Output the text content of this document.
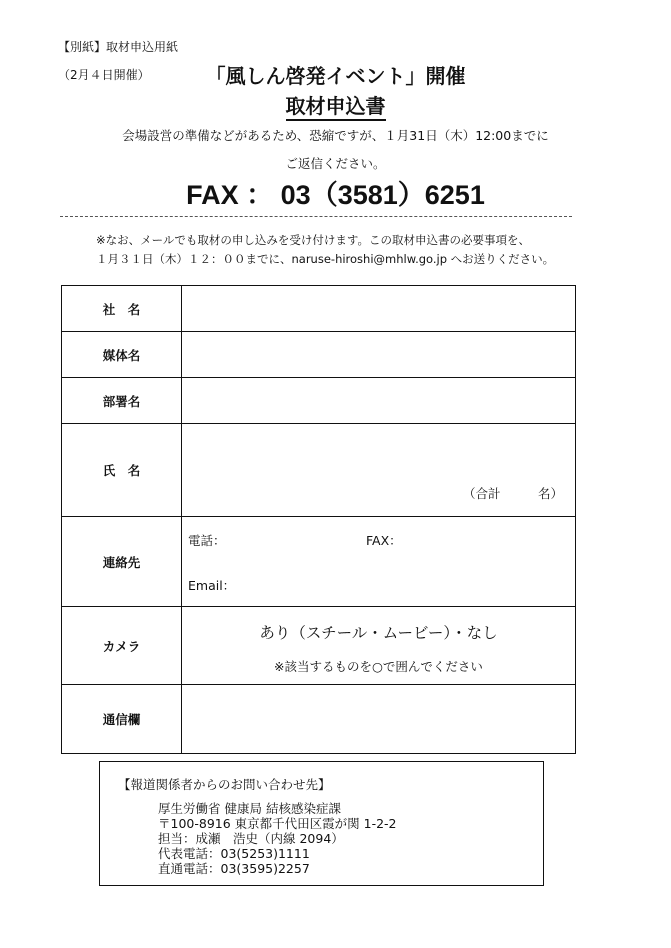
【別紙】取材申込用紙
（2月４日開催）	「風しん啓発イベント」開催
取材申込書
会場設営の準備などがあるため、恐縮ですが、１月31日（木）12:00までに
ご返信ください。
FAX ： 03（3581）6251
※なお、メールでも取材の申し込みを受け付けます。この取材申込書の必要事項を、
１月３１日（木）１２：００までに、naruse-hiroshi@mhlw.go.jp へお送りください。
社　名	
媒体名	
部署名	
氏　名	（合計　　　名）

連絡先	電話： FAX：
Email：

カメラ	あり（スチール・ムービー）・なし
※該当するものを○で囲んでください

通信欄	
【報道関係者からのお問い合わせ先】
厚生労働省 健康局 結核感染症課
〒100-8916 東京都千代田区霞が関 1-2-2
担当：成瀬　浩史（内線 2094）
代表電話：03(5253)1111
直通電話：03(3595)2257
